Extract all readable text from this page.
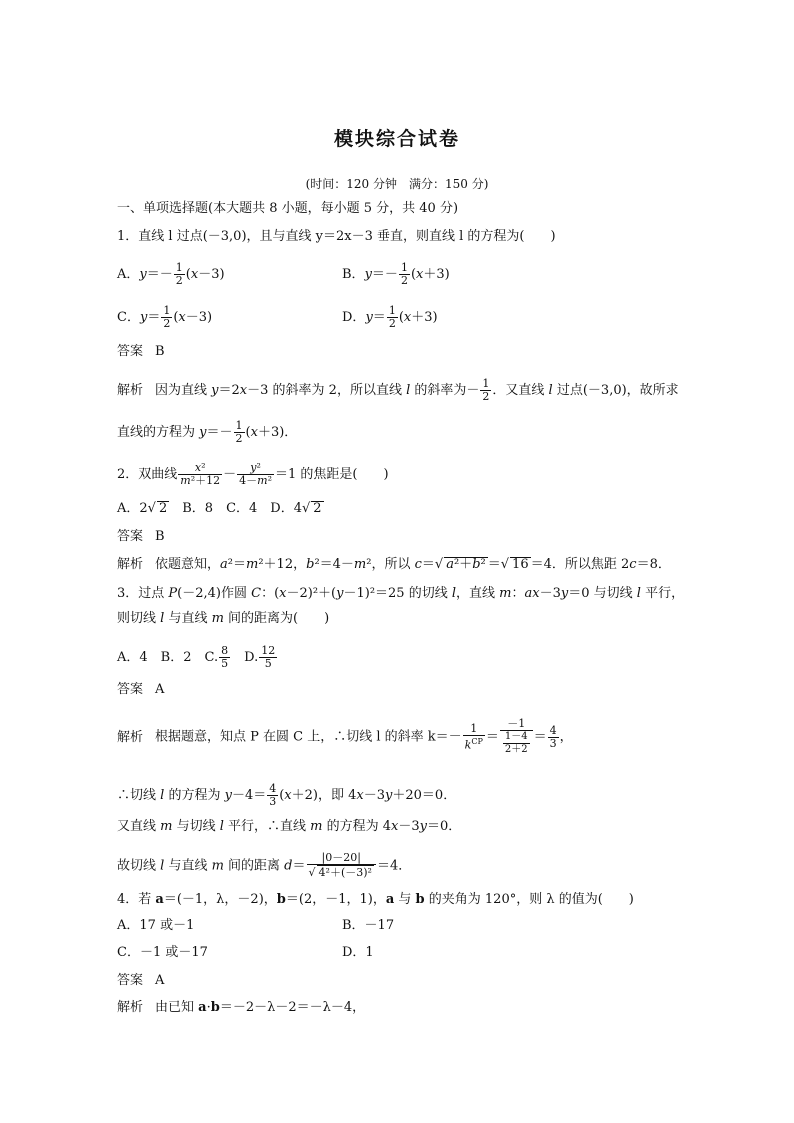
模块综合试卷
(时间：120 分钟　满分：150 分)
一、单项选择题(本大题共 8 小题，每小题 5 分，共 40 分)
1．直线 l 过点(－3,0)，且与直线 y＝2x－3 垂直，则直线 l 的方程为(　　)
A．$y=- \frac{1}{2} (x-3)$	B．$y=- \frac{1}{2} (x+3)$
C．$y= \frac{1}{2} (x-3)$	D．$y= \frac{1}{2} (x+3)$
答案 B
解析 因为直线 y＝2x－3 的斜率为 2，所以直线 l 的斜率为－ $\frac{1}{2}$ ．又直线 l 过点(－3,0)，故所求
直线的方程为 $y=- \frac{1}{2} (x+3)$．
2．双曲线 $\frac{\text{x²}}{\text{m²＋12}} - \frac{\text{y²}}{\text{4－m²}} =1$ 的焦距是(　　)
A．2√ 2　B．8　C．4　D．4√ 2
答案 B
解析 依题意知，a²＝m²＋12，b²＝4－m²，所以 c＝√ a²＋b² ＝√ 16 ＝4．所以焦距 2c＝8．
3．过点 P(－2,4)作圆 C：(x－2)²＋(y－1)²＝25 的切线 l，直线 m：ax－3y＝0 与切线 l 平行，
则切线 l 与直线 m 间的距离为(　　)
A．4　B．2　C. $\frac{8}{5}$ 　D. $\frac{12}{5}$
答案 A
解析 根据题意，知点 P 在圆 C 上，∴切线 l 的斜率 $k=- \frac{1}{k^{CP}} = \frac{-1}{\frac{1-4}{2+2}} = \frac{4}{3}$ ，
∴切线 l 的方程为 $y-4= \frac{4}{3} (x+2)$，即 4x－3y＋20＝0．
又直线 m 与切线 l 平行，∴直线 m 的方程为 4x－3y＝0．
故切线 l 与直线 m 间的距离 $d= \frac{|0-20|}{\text{√ 4²＋(－3)²}} =4$．
4．若 a＝(－1，λ，－2)，b＝(2，－1，1)，a 与 b 的夹角为 120°，则 λ 的值为(　　)
A．17 或－1	B．－17
C．－1 或－17	D．1
答案 A
解析 由已知 a·b＝－2－λ－2＝－λ－4，
